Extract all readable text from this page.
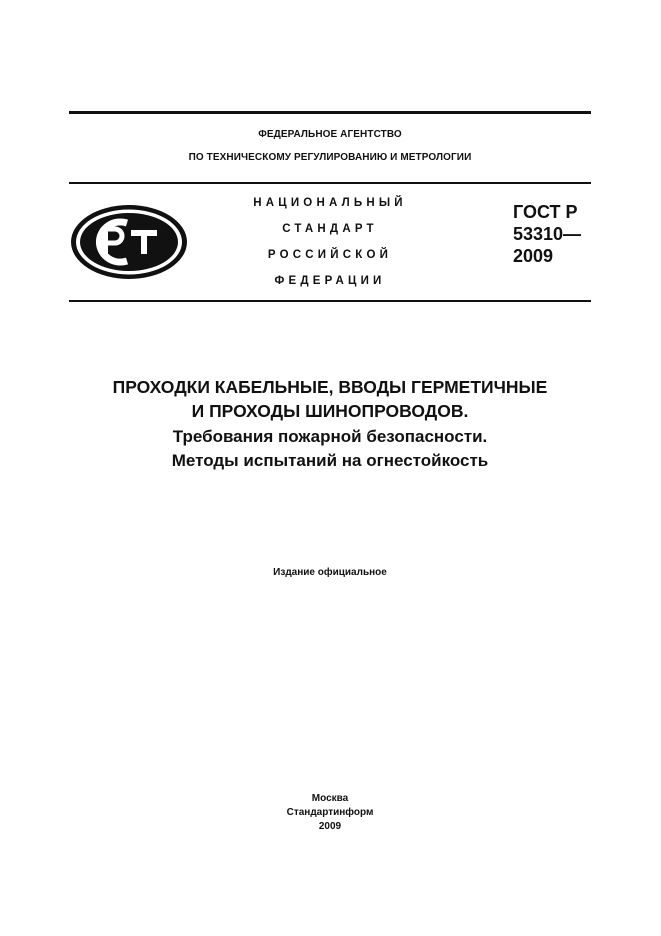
ФЕДЕРАЛЬНОЕ АГЕНТСТВО
ПО ТЕХНИЧЕСКОМУ РЕГУЛИРОВАНИЮ И МЕТРОЛОГИИ
НАЦИОНАЛЬНЫЙ
СТАНДАРТ
РОССИЙСКОЙ
ФЕДЕРАЦИИ
ГОСТ Р
53310—
2009
ПРОХОДКИ КАБЕЛЬНЫЕ, ВВОДЫ ГЕРМЕТИЧНЫЕ
И ПРОХОДЫ ШИНОПРОВОДОВ.
Требования пожарной безопасности.
Методы испытаний на огнестойкость
Издание официальное
Москва
Стандартинформ
2009
